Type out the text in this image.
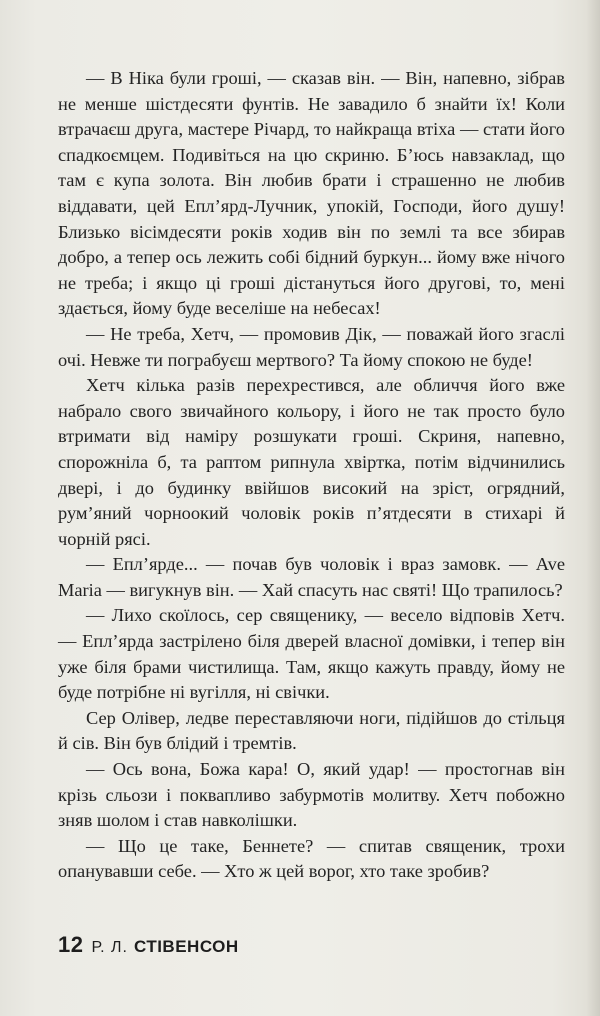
— В Ніка були гроші, — сказав він. — Він, напевно, зібрав не менше шістдесяти фунтів. Не завадило б знайти їх! Коли втрачаєш друга, мастере Річард, то найкраща втіха — стати його спадкоємцем. Подивіться на цю скриню. Б’юсь навзаклад, що там є купа золота. Він любив брати і страшенно не любив віддавати, цей Епл’ярд-Лучник, упокій, Господи, його душу! Близько вісімдесяти років ходив він по землі та все збирав добро, а тепер ось лежить собі бідний буркун... йому вже нічого не треба; і якщо ці гроші дістануться його другові, то, мені здається, йому буде веселіше на небесах!

— Не треба, Хетч, — промовив Дік, — поважай його згаслі очі. Невже ти пограбуєш мертвого? Та йому спокою не буде!

Хетч кілька разів перехрестився, але обличчя його вже набрало свого звичайного кольору, і його не так просто було втримати від наміру розшукати гроші. Скриня, напевно, спорожніла б, та раптом рипнула хвіртка, потім відчинились двері, і до будинку ввійшов високий на зріст, огрядний, рум’яний чорноокий чоловік років п’ятдесяти в стихарі й чорній рясі.

— Епл’ярде... — почав був чоловік і враз замовк. — Ave Maria — вигукнув він. — Хай спасуть нас святі! Що трапилось?

— Лихо скоїлось, сер священику, — весело відповів Хетч. — Епл’ярда застрілено біля дверей власної домівки, і тепер він уже біля брами чистилища. Там, якщо кажуть правду, йому не буде потрібне ні вугілля, ні свічки.

Сер Олівер, ледве переставляючи ноги, підійшов до стільця й сів. Він був блідий і тремтів.

— Ось вона, Божа кара! О, який удар! — простогнав він крізь сльози і поквапливо забурмотів молитву. Хетч побожно зняв шолом і став навколішки.

— Що це таке, Беннете? — спитав священик, трохи опанувавши себе. — Хто ж цей ворог, хто таке зробив?

12 Р. Л. СТІВЕНСОН
